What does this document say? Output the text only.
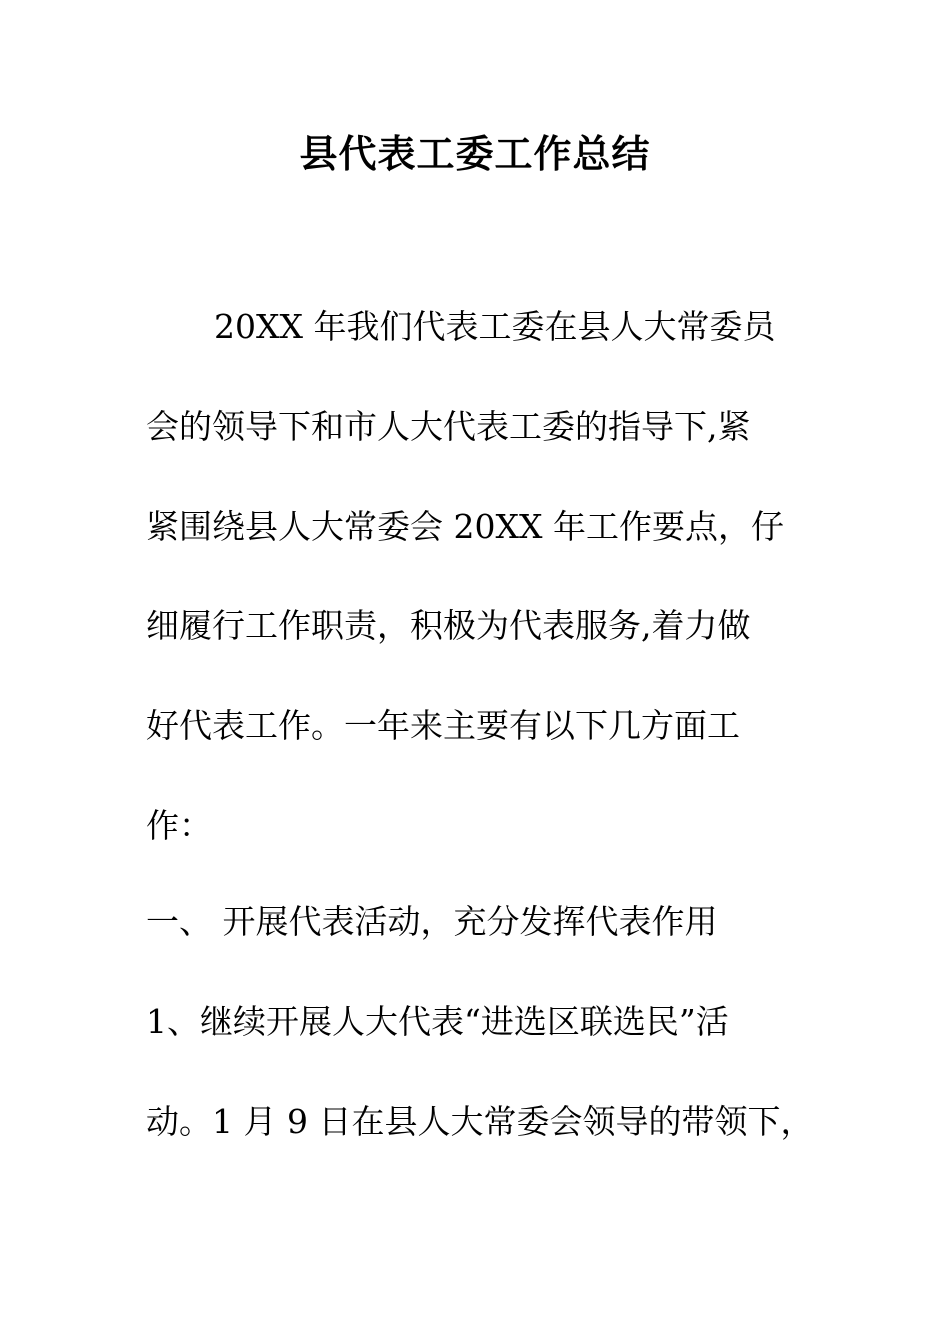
县代表工委工作总结
20XX 年我们代表工委在县人大常委员
会的领导下和市人大代表工委的指导下,紧
紧围绕县人大常委会 20XX 年工作要点，仔
细履行工作职责，积极为代表服务,着力做
好代表工作。一年来主要有以下几方面工
作：
一、 开展代表活动，充分发挥代表作用
1、继续开展人大代表“进选区联选民”活
动。1 月 9 日在县人大常委会领导的带领下，
